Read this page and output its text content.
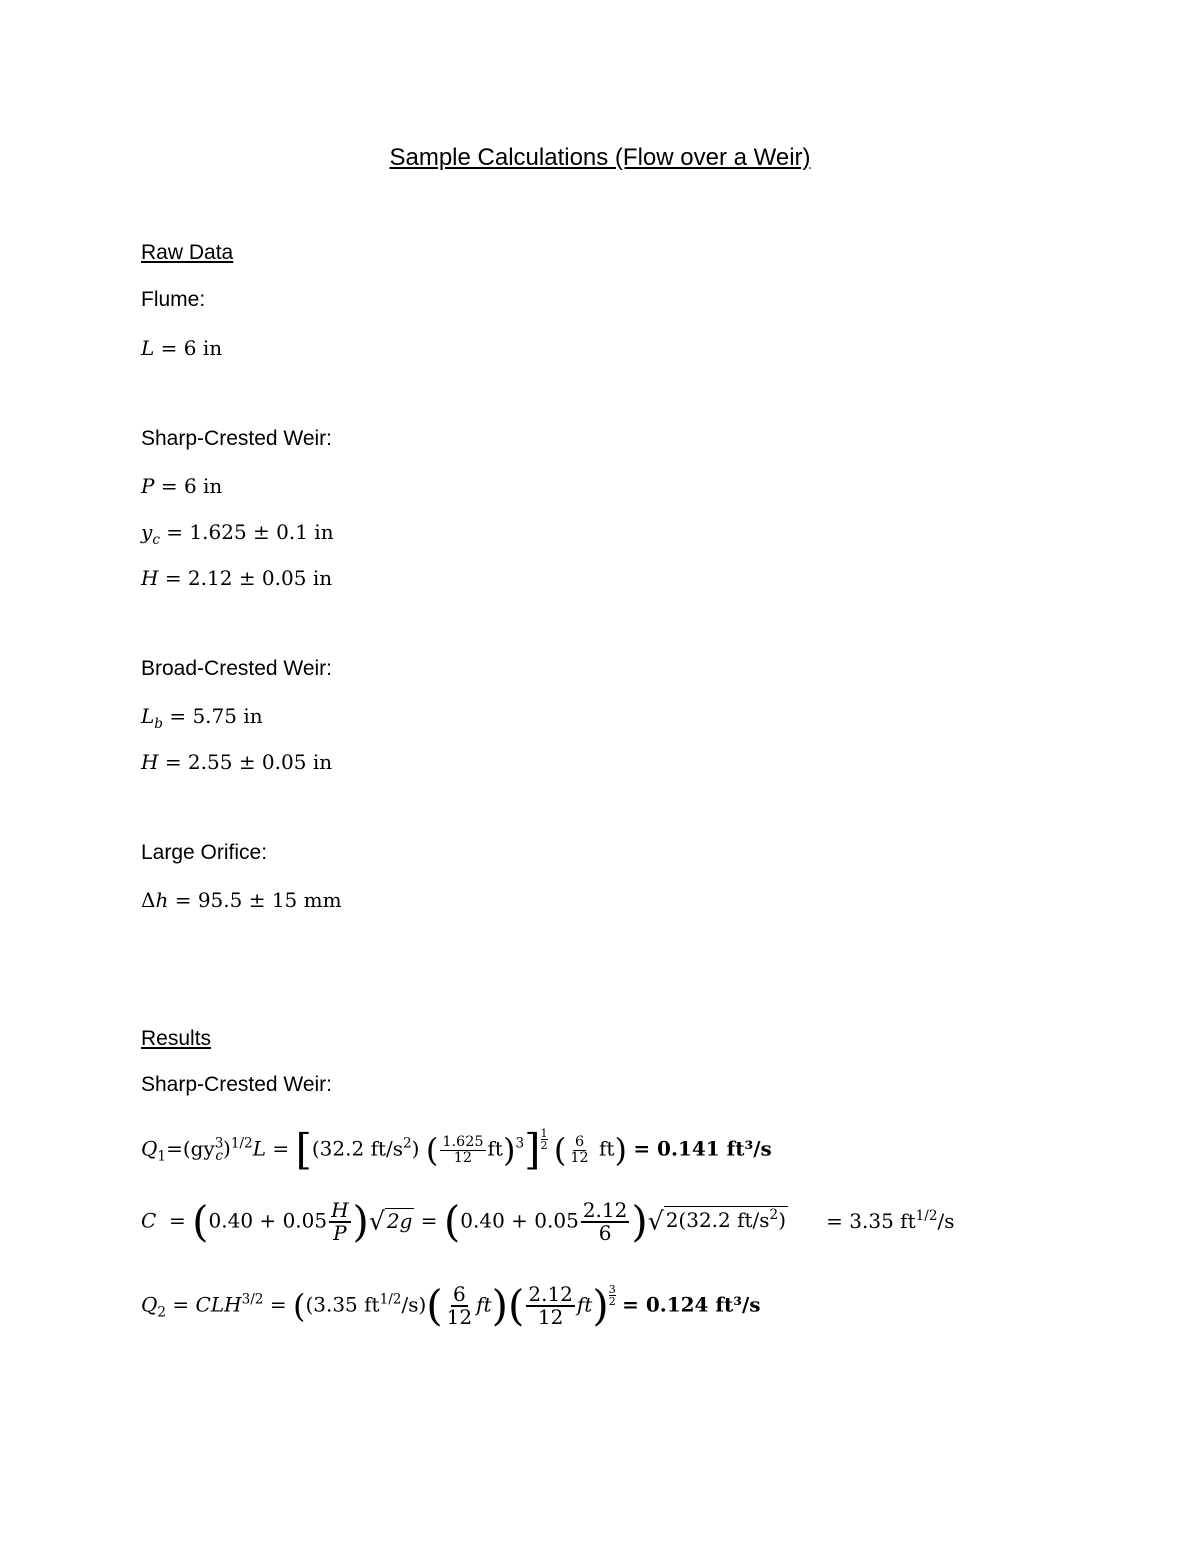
Sample Calculations (Flow over a Weir)
Raw Data
Flume:
L = 6 in
Sharp-Crested Weir:
P = 6 in
$y_c = 1.625 \pm 0.1$ in
H = 2.12 ± 0.05 in
Broad-Crested Weir:
$L_b = 5.75$ in
H = 2.55 ± 0.05 in
Large Orifice:
Δh = 95.5 ± 15 mm
Results
Sharp-Crested Weir:
$Q_1=(gy^3_c)^{1/2}L = [(32.2$ $ft/s^2$) ( $\frac{1.625}{12} ft)^3] \frac{1}{2}$ ( $\frac{6}{12} ft) = 0.141$ ft³/s
$C = (0.40 + 0.05 \frac{H}{P}$ )√ $2g = (0.40 + 0.05 \frac{2.12}{6}$ )√ 2(32.2 $ft/s^2) = 3.35$ $ft^{1/2}/s$
$Q_2 = CLH^{3/2} = ((3.35$ $ft^{1/2}/s)( \frac{6}{12} ft)( \frac{2.12}{12} ft) \frac{3}{2} = 0.124$ ft³/s
